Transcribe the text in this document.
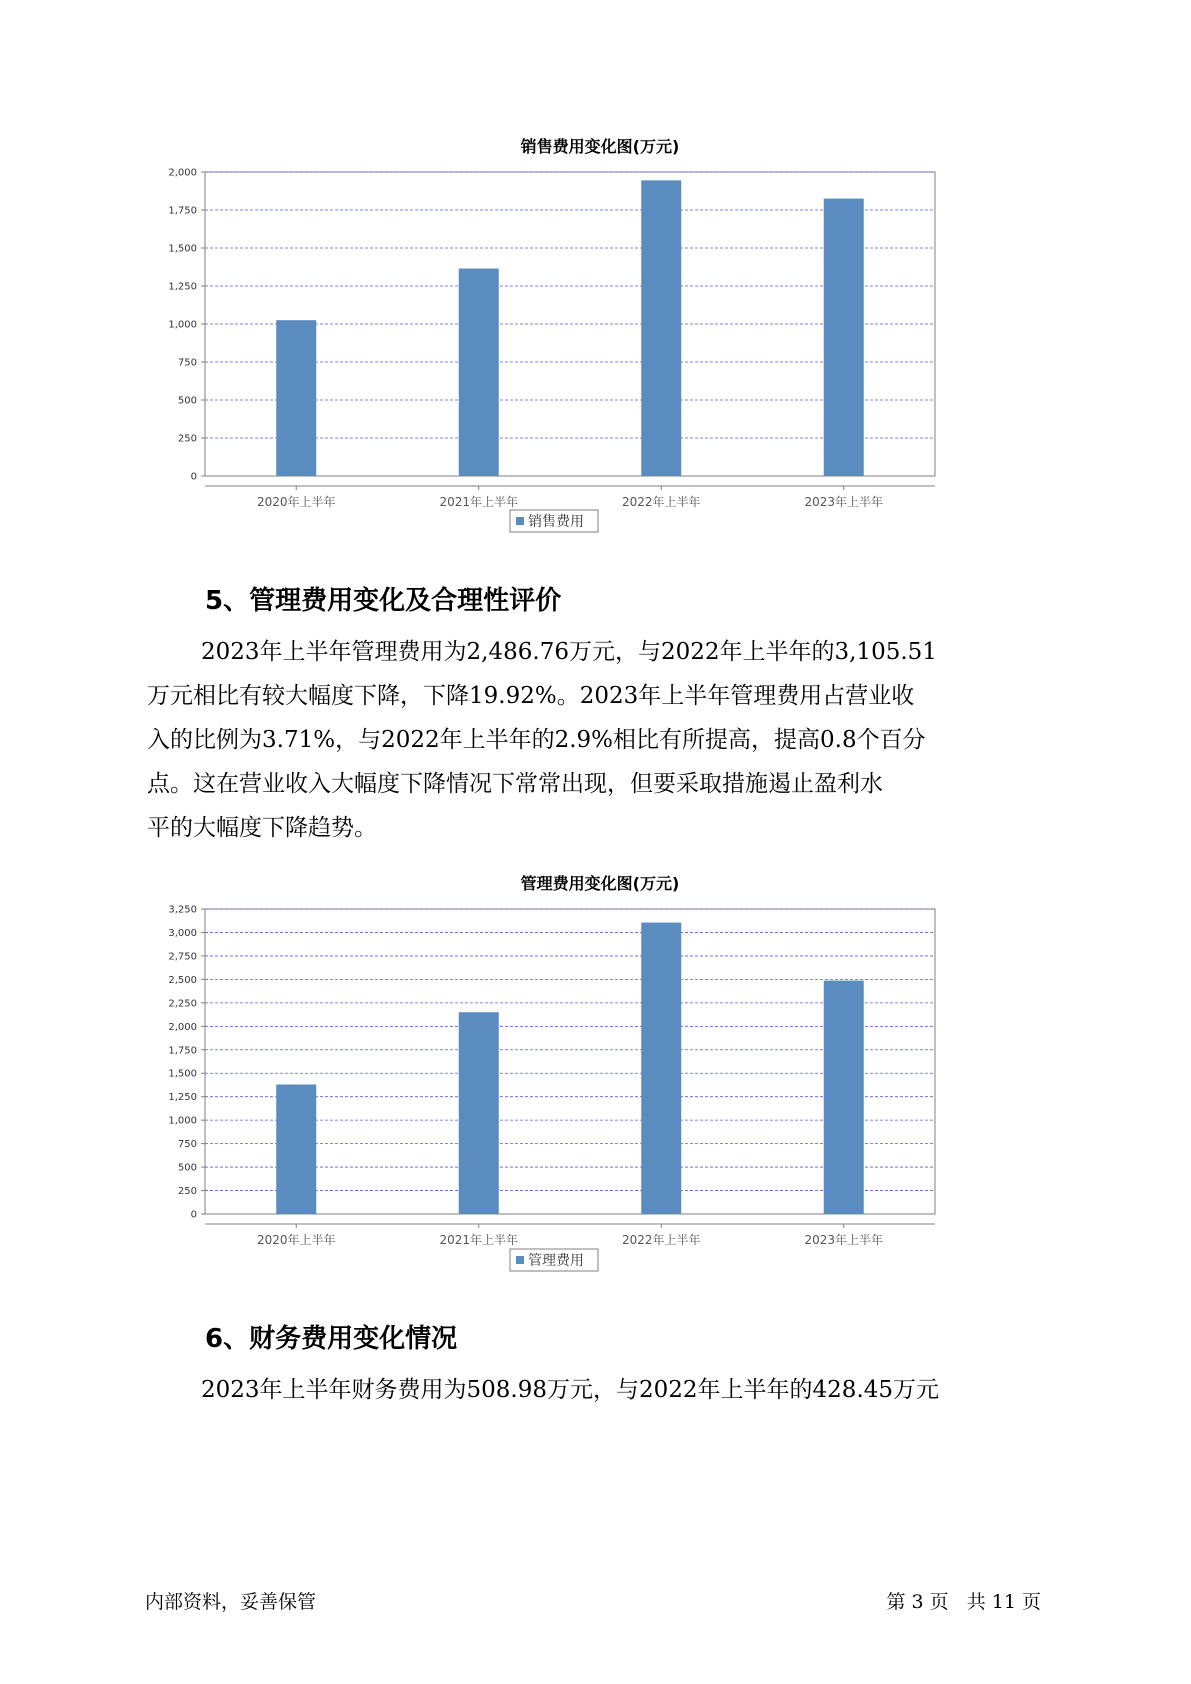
销售费用变化图(万元)
0
250
500
750
1,000
1,250
1,500
1,750
2,000
2020年上半年	2021年上半年	2022年上半年	2023年上半年
销售费用
5、管理费用变化及合理性评价
2023年上半年管理费用为2,486.76万元，与2022年上半年的3,105.51
万元相比有较大幅度下降，下降19.92%。2023年上半年管理费用占营业收
入的比例为3.71%，与2022年上半年的2.9%相比有所提高，提高0.8个百分
点。这在营业收入大幅度下降情况下常常出现，但要采取措施遏止盈利水
平的大幅度下降趋势。
管理费用变化图(万元)
0
250
500
750
1,000
1,250
1,500
1,750
2,000
2,250
2,500
2,750
3,000
3,250
2020年上半年	2021年上半年	2022年上半年	2023年上半年
管理费用
6、财务费用变化情况
2023年上半年财务费用为508.98万元，与2022年上半年的428.45万元
内部资料，妥善保管	第 3 页   共 11 页
